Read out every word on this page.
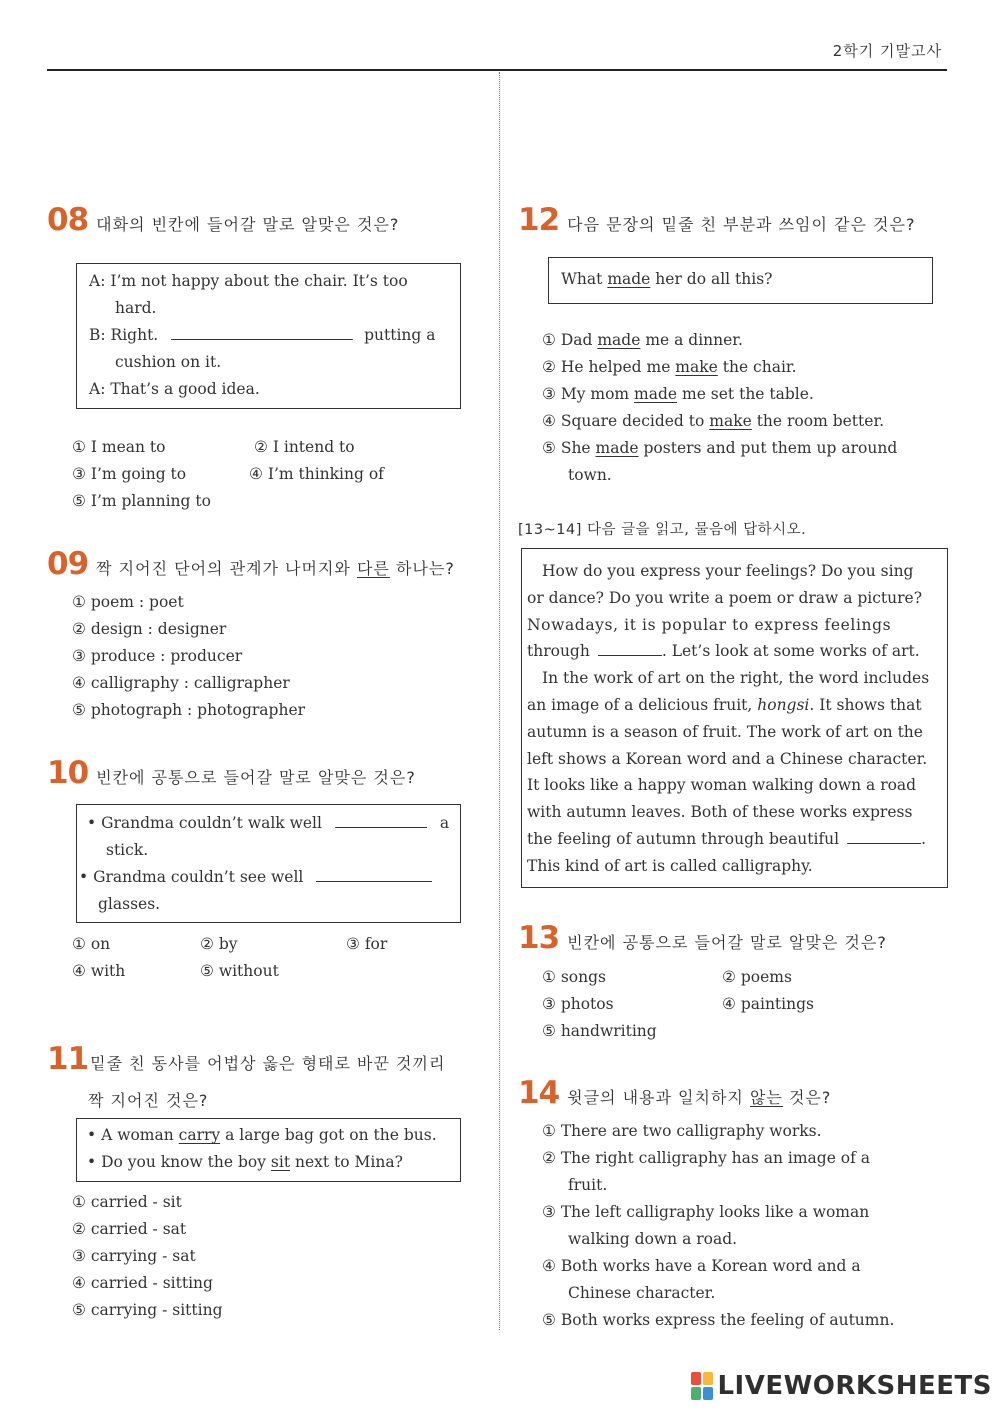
2학기 기말고사
08 대화의 빈칸에 들어갈 말로 알맞은 것은?
A: I’m not happy about the chair. It’s too
hard.
B: Right.	putting a
cushion on it.
A: That’s a good idea.
① I mean to	② I intend to
③ I’m going to	④ I’m thinking of
⑤ I’m planning to
09 짝 지어진 단어의 관계가 나머지와 다른 하나는?
① poem : poet
② design : designer
③ produce : producer
④ calligraphy : calligrapher
⑤ photograph : photographer
10 빈칸에 공통으로 들어갈 말로 알맞은 것은?
• Grandma couldn’t walk well	a
stick.
• Grandma couldn’t see well
glasses.
① on	② by	③ for
④ with	⑤ without
11 밑줄 친 동사를 어법상 옳은 형태로 바꾼 것끼리
짝 지어진 것은?
• A woman carry a large bag got on the bus.
• Do you know the boy sit next to Mina?
① carried - sit
② carried - sat
③ carrying - sat
④ carried - sitting
⑤ carrying - sitting
12 다음 문장의 밑줄 친 부분과 쓰임이 같은 것은?
What made her do all this?
① Dad made me a dinner.
② He helped me make the chair.
③ My mom made me set the table.
④ Square decided to make the room better.
⑤ She made posters and put them up around
town.
[13~14] 다음 글을 읽고, 물음에 답하시오.
How do you express your feelings? Do you sing
or dance? Do you write a poem or draw a picture?
Nowadays, it is popular to express feelings
through	. Let’s look at some works of art.
In the work of art on the right, the word includes
an image of a delicious fruit, hongsi. It shows that
autumn is a season of fruit. The work of art on the
left shows a Korean word and a Chinese character.
It looks like a happy woman walking down a road
with autumn leaves. Both of these works express
the feeling of autumn through beautiful	.
This kind of art is called calligraphy.
13 빈칸에 공통으로 들어갈 말로 알맞은 것은?
① songs	② poems
③ photos	④ paintings
⑤ handwriting
14 윗글의 내용과 일치하지 않는 것은?
① There are two calligraphy works.
② The right calligraphy has an image of a
fruit.
③ The left calligraphy looks like a woman
walking down a road.
④ Both works have a Korean word and a
Chinese character.
⑤ Both works express the feeling of autumn.
LIVEWORKSHEETS
